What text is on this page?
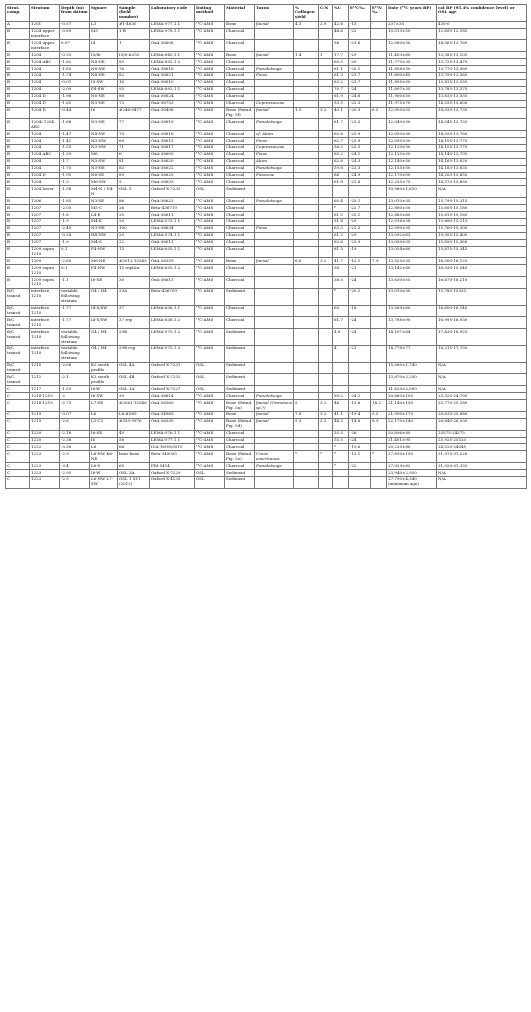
Strat. comp.	Stratum	Depth (m) from datum	Square	Sample (field number)	Laboratory code	Dating method	Material	Taxon	% Collagen yield	C:N	%C	δ¹³C‰	δ¹⁵N‰	Date (¹⁴C years BP)	cal BP (95.4% confidence level) or OSL age
A	1201	-0.57	L3	#1-4830	LEMA-977.1.1	¹⁴C-AMS	Bone	faunal	4.3	2.9	42.6	-15	-	237±35	430-0
B	1204 upper interface	-0.89	M3	1-B	LEMA-978.1.1	¹⁴C-AMS	Charcoal				44.6	-23		10,513±50	12,650-12,185
B	1204 upper interface	0.07	I4	1	OxA-36608	¹⁴C-AMS	Charcoal				58	-21.6		12,060±50	14,065-13,760
B	1204	-0.35	I5/I6	I5/6-#255	LEMA-640.1.1	¹⁴C-AMS	Bone	faunal	1.4	1	17.7	-29		11,403±60	13,385-13,105
B	1204 ABC	-1.82	N4-NE	85	LEMA-892.1.2	¹⁴C-AMS	Charcoal				60.5	-20		11,770±35	13,725-13,475
B	1204	-1.63	N6-SW	76	OxA-36618	¹⁴C-AMS	Charcoal	Pseudotsuga			61.1	-25.1		11,858±50	13,770-13,560
B	1204	-1.74	N4-NE	82	OxA-36621	¹⁴C-AMS	Charcoal	Pinus			61.3	-23.7		11,890±45	13,790-13,565
B	1204	-0.01	I5-SW	16	OxA-36610	¹⁴C-AMS	Charcoal				63.2	-23.7		11,895±50	13,815-13,555
B	1204	-2.09	P4-SW	93	LEMA-893.1.1	¹⁴C-AMS	Charcoal				70.7	-24		11,897±35	13,785-13,575
B	1204 D	-1.96	N6-NE	88	OxA-36624	¹⁴C-AMS	Charcoal				61.9	-24.8		11,900±50	13,835-13,555
B	1204 D	-1.65	N3-NE	73	OxA-36753	¹⁴C-AMS	Charcoal	Cupressaceae			53.3	-22.3		11,975±70	14,035-13,600
B	1204 D	-0.44	I6	#246-9477	OxA-36496	¹⁴C-AMS	Bone (Extnd. Fig. 5f)	faunal	1.5	3.2	43.1	-20.9	8.5	12,005±55	14,030-13,735
B	1204/ 1204 ABC	-1.68	N3-NE	77	OxA-36619	¹⁴C-AMS	Charcoal	Pseudotsuga			61.7	-23.5		12,040±50	14,045-13,755
B	1204	-1.47	N4-SW	70	OxA-36616	¹⁴C-AMS	Charcoal	cf. Abies			62.6	-23.9		12,050±50	14,055-13,760
B	1204	-1.41	N3-NW	69	OxA-36615	¹⁴C-AMS	Charcoal	Pinus			62.7	-23.9		12,095±50	14,105-13,775
B	1204	-1.55	N3-NW	71	OxA-36617	¹⁴C-AMS	Charcoal	Cupressaceae			56.2	-23.5		12,120±50	14,105-13,775
B	1204 ABC	-1.39	M6	6	OxA-36609	¹⁴C-AMS	Charcoal	Pinus			65.2	-24.1		12,120±50	14,140-13,795
B	1204	-1.7	N3-SW	81	OxA-36620	¹⁴C-AMS	Charcoal	Abies			62.8	-24.3		12,140±50	14,165-13,820
B	1204	-1.75	N3-NE	83	OxA-36622	¹⁴C-AMS	Charcoal	Pseudotsuga			59.8	-22.3		12,155±50	14,183-13,835
B	1204 D	-1.95	N6-SE	89	OxA-36625	¹⁴C-AMS	Charcoal	Pinaceae			64	-24.9		12,170±50	14,203-13,855
B	1204	-1.3	M6-SW	5	OxA-36633	¹⁴C-AMS	Charcoal				61.8	-21.8		12,235±75	14,570-13,855
B	1204 lower	-1.98	M4-N / N4-N	OSL 5	Oxford X-7233	OSL	Sediment							10,960±1,610	N/A
B	1206	-1.85	N3-SE	86	OxA-36623	¹⁴C-AMS	Charcoal	Pseudotsuga			60.4	-25.1		13,010±55	15,790-15,315
B	1207	-2.05	M5-C	26	Beta-436710	¹⁴C-AMS	Charcoal				*	-22.7		12,880±50	15,605-15,180
B	1207	-1.8	L4-E	25	OxA-36611	¹⁴C-AMS	Charcoal				61.5	-25.1		12,885±65	15,615-15,185
B	1207	-1.9	M4-E	20	LEMA-573.1.1	¹⁴C-AMS	Charcoal				51.8	-29		12,916±58	15-680-15-215
B	1207	-2.45	N3-NE	100	OxA-36634	¹⁴C-AMS	Charcoal	Pinus			63.3	-22.3		12,990±55	15,760-15,300
B	1207	-0.28	H4-NW	25	LEMA-574.1.1	¹⁴C-AMS	Charcoal				61.2	-29		13,092±63	15,955-15,400
B	1207	-1.9	M4-S	22	OxA-36611	¹⁴C-AMS	Charcoal				62.6	-23.9		13,050±55	15,850-15,360
B	1209 supra 1210	0.1	F4-NW	15	LEMA-635.1.1	¹⁴C-AMS	Charcoal				61.5	-19		13,054±60	15,875-15,345
B	1209	-2.65	M6-NE	#2012-15345	OxA-36359	¹⁴C-AMS	Bone	faunal	6.6	3.2	41.7	-12.1	7.9	13,525±35	16,500-16,125
B	1209 supra 1210	0.1	F4-NW	15 replica	LEMA-635.1.2	¹⁴C-AMS	Charcoal				58	-21		13,142±60	16,030-15,545
B	1209 supra 1210	-1.1	I6-SE	30	OxA-36613	¹⁴C-AMS	Charcoal				38.5	-24		13,630±55	16,670-16,210
B/C transit	interface 1210	variable, following stratum	G4 / H4	29A	Beta-436709	¹⁴C-AMS	Sediment				*	-20.2		13,010±50	15,780-15320
B/C transit	interface 1210	-1.77	I4-S/SW	37	LEMA-636.1.1	¹⁴C-AMS	Charcoal				60	-18		13,569±60	16,600-16,140
B/C transit	interface 1210	-1.77	I4-S/SW	37 rep	LEMA-636.1.2	¹⁴C-AMS	Charcoal				61.7	-24		13,788±90	16,995-16,930
B/C transit	interface 1210	variable, following stratum	G4 / H4	29B	LEMA-575.1.2	¹⁴C-AMS	Sediment				4.8	-24		14,107±64	17,430-16,925
B/C transit	interface 1210	variable, following stratum	G4 / H4	29B rep	LEMA-575.1.3	¹⁴C-AMS	Sediment				4	-23		14,778±77	18,215-17,750
B/C transit	1210	-2.08	K3 south profile	OSL 4A	Oxford X-7231	OSL	Sediment							15,560±1,740	N/A
B/C transit	1212	-2.1	K3 south profile	OSL 4B	Oxford X-7232	OSL	Sediment							13,870±2,250	N/A
C	1217	-1.55	I6-W	OSL 1A	Oxford X-7227	OSL	Sediment							11,620±2,000	N/A
C	1218-1219	-2	I6-SW	39	OxA-36614	¹⁴C-AMS	Charcoal	Pseudotsuga			59.2	-24.1		20,860±100	25,525-24,795
C	1218-1219	-2.75	L7-SE	#2061-15346	OxA-36360	¹⁴C-AMS	Bone (Extnd. Fig. 5a)	faunal (Ovmotoca sp.?)	5	3.2	44	-13.6	14.2	21,140±130	25,770-25,180
C	1219	-3.07	L6	L6-#569	OxA-34965	¹⁴C-AMS	Bone	faunal	7.6	3.2	41.1	-19.4	5.5	21,990±170	26,635-25,880
C	1219	-2.6	L3-C2	#520-9976	OxA-36530	¹⁴C-AMS	Bone (Extnd. Fig. 5d)	faunal	5.3	3.3	44.3	-14.8	8.9	22,170±140	26,840-26,030
C	1220	-2.16	I6-SE	49	LEMA-576.1.1	¹⁴C-AMS	Charcoal				55.5	-26		20,896±80	25575-24575
C	1220	-2.38	I6	56	LEMA-577.1.1	¹⁴C-AMS	Charcoal				55.5	-24		21,401±95	25,925-25520
C	1222	-3.38	L6	64	ICA-16OS/0510	¹⁴C-AMS	Charcoal				*	-19.6		20,220±80	24,525-24045
C	1223	-2.9	L6-NW K6-NE	bear bone	Beta-345055	¹⁴C-AMS	Bone (Extnd. Fig. 5e)	Ursus americanus	*	*	*	-12.1	*	27,830±150	31,975-31,220
C	1223	-3.4	L6-S	65	PRI-5414	¹⁴C-AMS	Charcoal	Pseudotsuga			*	-22		27,929±82	31,920-31,355
C	1223	-2.95	I6-W	OSL 3A	Oxford X-7229	OSL	Sediment							23,940±2,950	N/A
C	1223	-2.9	L6-NW L7-SW	OSL 1 X11 (2012)	Oxford X-4135	OSL	Sediment							27,790±4,340 (minimum age)	N/A
